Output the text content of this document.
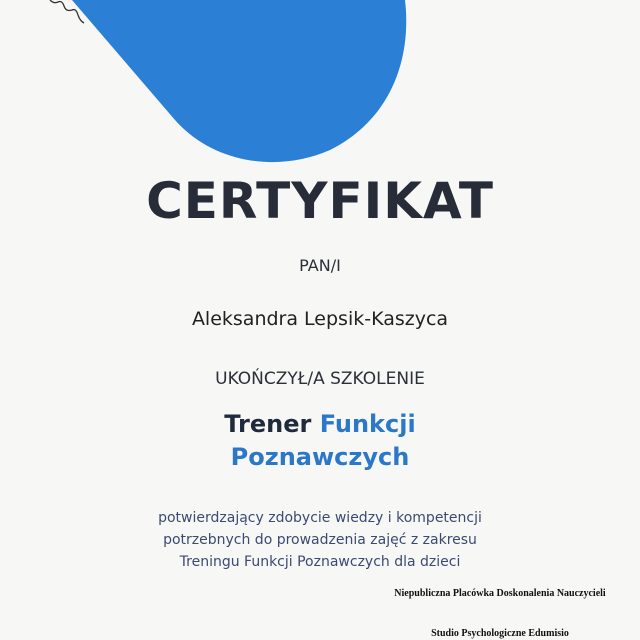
CERTYFIKAT
PAN/I
Aleksandra Lepsik-Kaszyca
UKOŃCZYŁ/A SZKOLENIE
Trener Funkcji
Poznawczych
potwierdzający zdobycie wiedzy i kompetencji
potrzebnych do prowadzenia zajęć z zakresu
Treningu Funkcji Poznawczych dla dzieci
Niepubliczna Placówka Doskonalenia Nauczycieli
Studio Psychologiczne Edumisio
